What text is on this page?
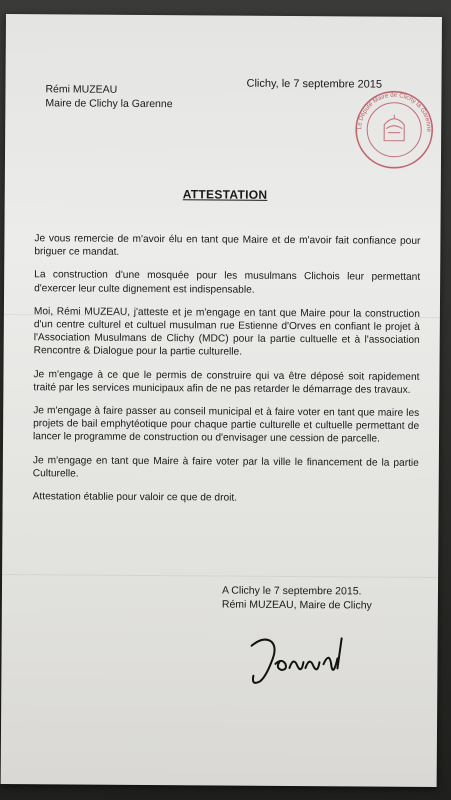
Rémi MUZEAU
Maire de Clichy la Garenne
Clichy, le 7 septembre 2015
Le Député Maire de Clichy la Garenne
ATTESTATION

Je vous remercie de m'avoir élu en tant que Maire et de m'avoir fait confiance pour briguer ce mandat.

La construction d'une mosquée pour les musulmans Clichois leur permettant d'exercer leur culte dignement est indispensable.

Moi, Rémi MUZEAU, j'atteste et je m'engage en tant que Maire pour la construction d'un centre culturel et cultuel musulman rue Estienne d'Orves en confiant le projet à l'Association Musulmans de Clichy (MDC) pour la partie cultuelle et à l'association Rencontre & Dialogue pour la partie culturelle.

Je m'engage à ce que le permis de construire qui va être déposé soit rapidement traité par les services municipaux afin de ne pas retarder le démarrage des travaux.

Je m'engage à faire passer au conseil municipal et à faire voter en tant que maire les projets de bail emphytéotique pour chaque partie culturelle et cultuelle permettant de lancer le programme de construction ou d'envisager une cession de parcelle.

Je m'engage en tant que Maire à faire voter par la ville le financement de la partie Culturelle.

Attestation établie pour valoir ce que de droit.

A Clichy le 7 septembre 2015.
Rémi MUZEAU, Maire de Clichy
